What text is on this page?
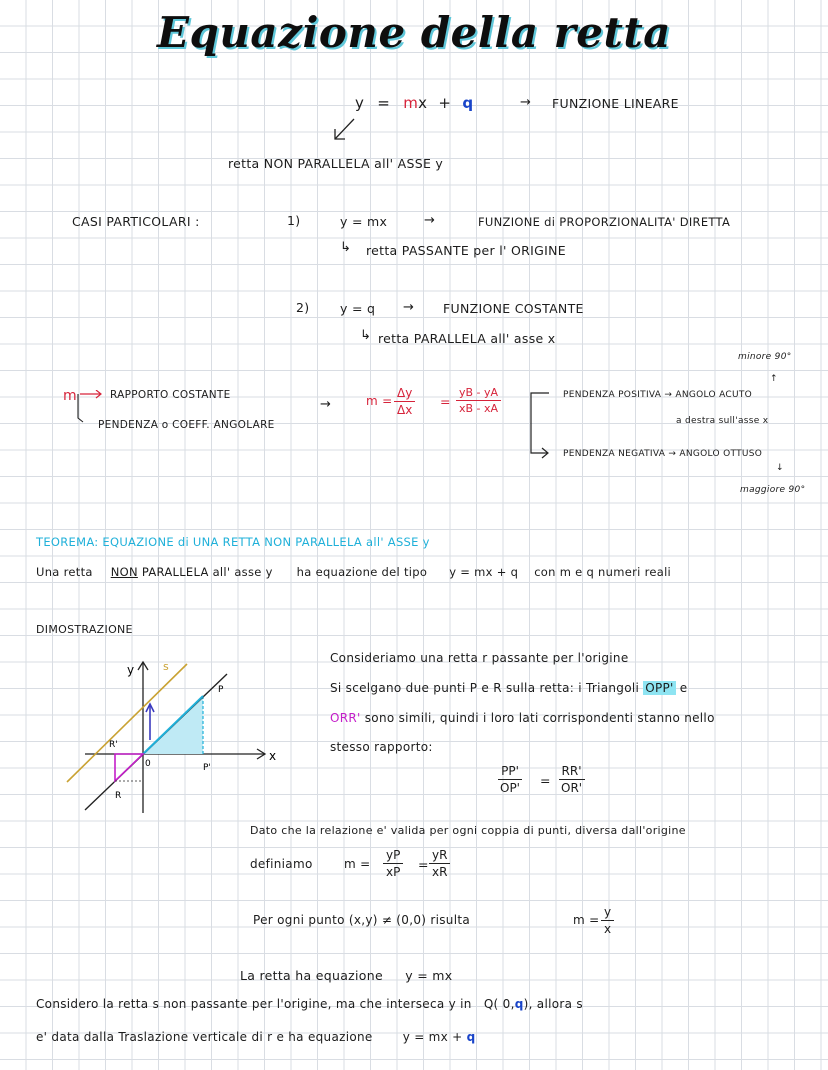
Equazione della retta
y = mx + q	→ FUNZIONE LINEARE
retta NON PARALLELA all' ASSE y
CASI PARTICOLARI :	1)	y = mx	→	FUNZIONE di PROPORZIONALITA' DIRETTA
↳ retta PASSANTE per l' ORIGINE
2) y = q → FUNZIONE COSTANTE
↳ retta PARALLELA all' asse x
m	RAPPORTO COSTANTE
PENDENZA o COEFF. ANGOLARE
→	$m = \frac{\Delta y}{\Delta x} = \frac{yB - yA}{xB - xA}$
minore 90°
↑
PENDENZA POSITIVA → ANGOLO ACUTO
a destra sull'asse x
PENDENZA NEGATIVA → ANGOLO OTTUSO
↓
maggiore 90°
TEOREMA: EQUAZIONE di UNA RETTA NON PARALLELA all' ASSE y
Una retta NON PARALLELA all' asse y ha equazione del tipo y = mx + q con m e q numeri reali
DIMOSTRAZIONE
y
x
s
P
P'
R
R'
0
Consideriamo una retta r passante per l'origine
Si scelgano due punti P e R sulla retta: i Triangoli OPP' e
ORR' sono simili, quindi i loro lati corrispondenti stanno nello
stesso rapporto:
$\frac{PP'}{OP'} = \frac{RR'}{OR'}$
Dato che la relazione e' valida per ogni coppia di punti, diversa dall'origine
definiamo	$m = \frac{yP}{xP} = \frac{yR}{xR}$
Per ogni punto (x,y) ≠ (0,0) risulta	$m = \frac{y}{x}$
La retta ha equazione y = mx
Considero la retta s non passante per l'origine, ma che interseca y in Q( 0,q), allora s
e' data dalla Traslazione verticale di r e ha equazione	y = mx + q
